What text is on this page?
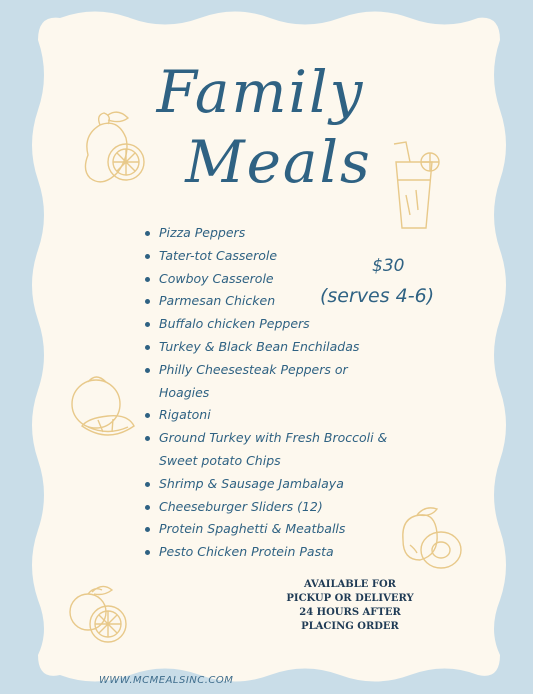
Family
Meals
Pizza Peppers
Tater-tot Casserole
Cowboy Casserole
Parmesan Chicken
Buffalo chicken Peppers
Turkey & Black Bean Enchiladas
Philly Cheesesteak Peppers or Hoagies
Rigatoni
Ground Turkey with Fresh Broccoli & Sweet potato Chips
Shrimp & Sausage Jambalaya
Cheeseburger Sliders (12)
Protein Spaghetti & Meatballs
Pesto Chicken Protein Pasta
$30
(serves 4-6)
AVAILABLE FOR
PICKUP OR DELIVERY
24 HOURS AFTER
PLACING ORDER
WWW.MCMEALSINC.COM
